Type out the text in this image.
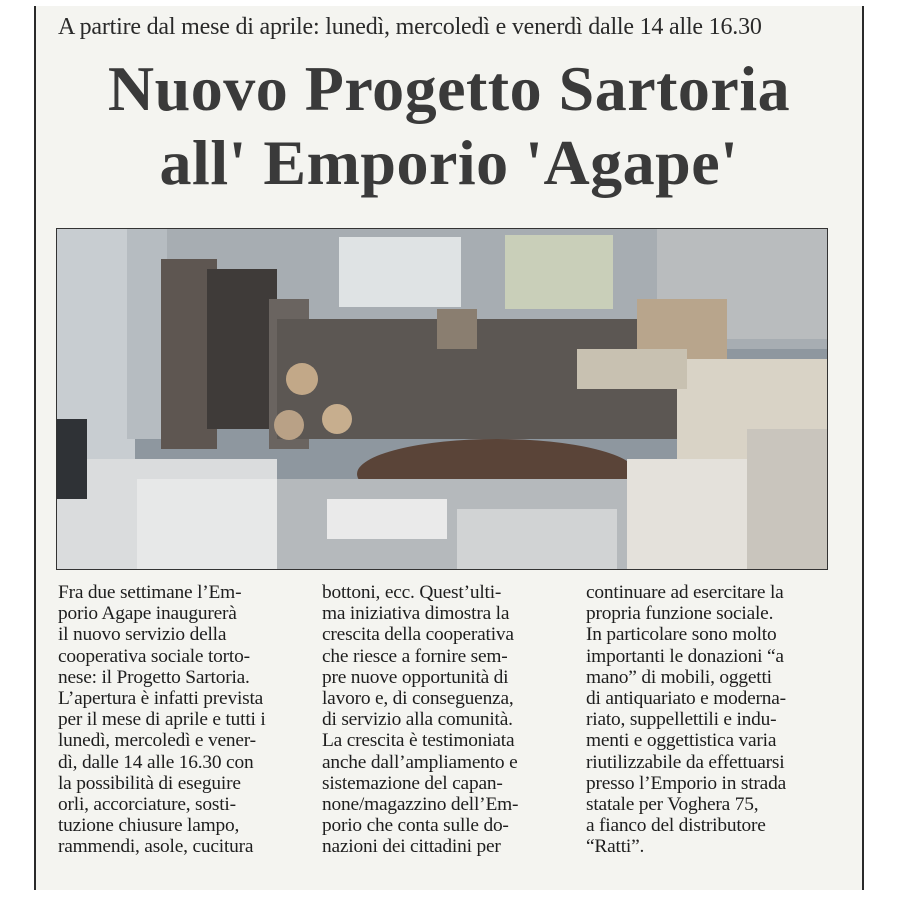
A partire dal mese di aprile: lunedì, mercoledì e venerdì dalle 14 alle 16.30
Nuovo Progetto Sartoria
all' Emporio 'Agape'

Fra due settimane l’Em-
porio Agape inaugurerà
il nuovo servizio della
cooperativa sociale torto-
nese: il Progetto Sartoria.
L’apertura è infatti prevista
per il mese di aprile e tutti i
lunedì, mercoledì e vener-
dì, dalle 14 alle 16.30 con
la possibilità di eseguire
orli, accorciature, sosti-
tuzione chiusure lampo,
rammendi, asole, cucitura

bottoni, ecc. Quest’ulti-
ma iniziativa dimostra la
crescita della cooperativa
che riesce a fornire sem-
pre nuove opportunità di
lavoro e, di conseguenza,
di servizio alla comunità.
La crescita è testimoniata
anche dall’ampliamento e
sistemazione del capan-
none/magazzino dell’Em-
porio che conta sulle do-
nazioni dei cittadini per

continuare ad esercitare la
propria funzione sociale.
In particolare sono molto
importanti le donazioni “a
mano” di mobili, oggetti
di antiquariato e moderna-
riato, suppellettili e indu-
menti e oggettistica varia
riutilizzabile da effettuarsi
presso l’Emporio in strada
statale per Voghera 75,
a fianco del distributore
“Ratti”.
